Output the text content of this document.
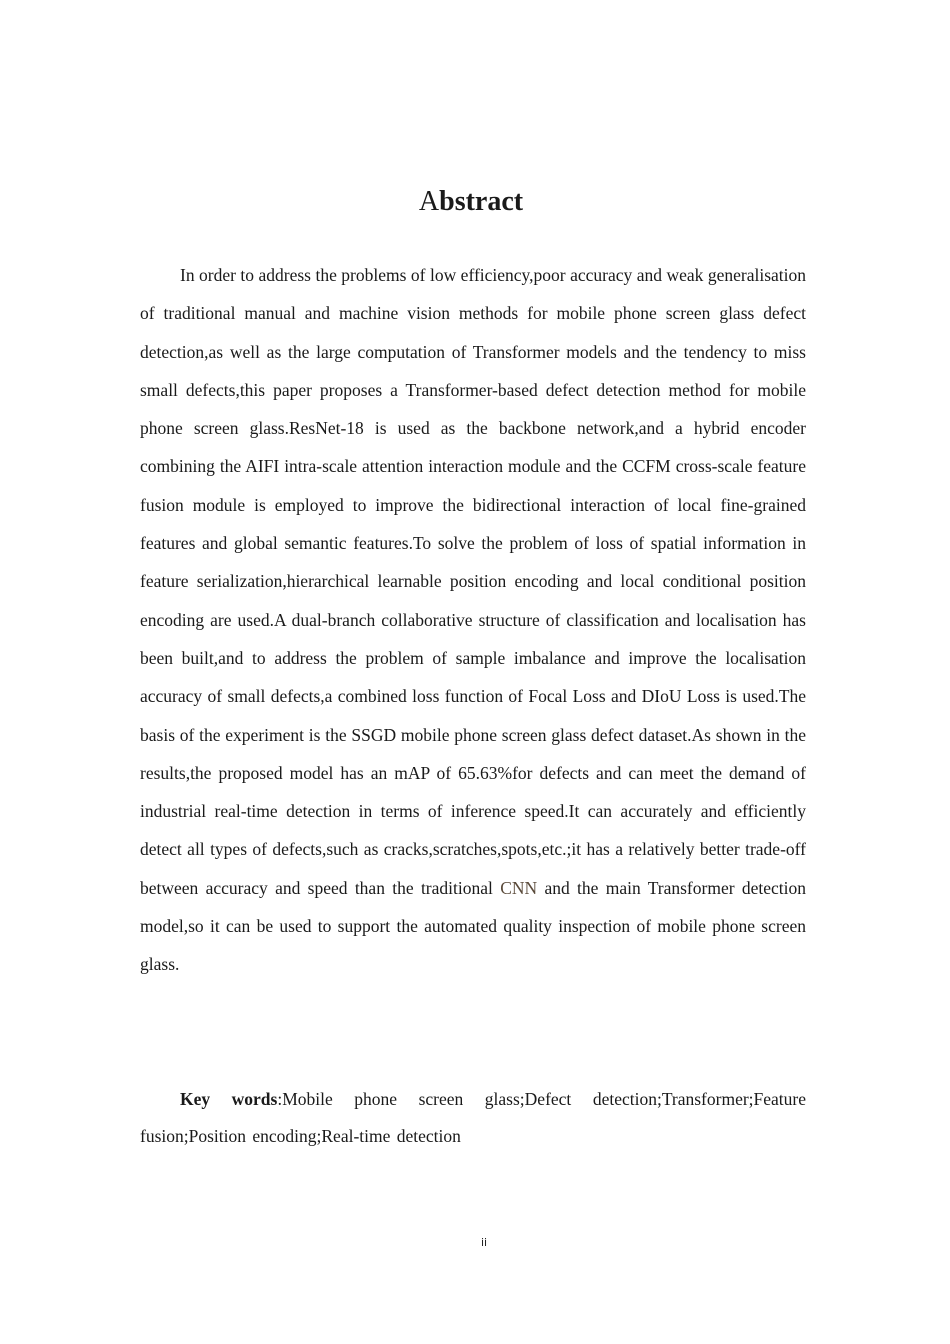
Abstract

In order to address the problems of low efficiency,poor accuracy and weak generalisation of traditional manual and machine vision methods for mobile phone screen glass defect detection,as well as the large computation of Transformer models and the tendency to miss small defects,this paper proposes a Transformer-based defect detection method for mobile phone screen glass.ResNet-18 is used as the backbone network,and a hybrid encoder combining the AIFI intra-scale attention interaction module and the CCFM cross-scale feature fusion module is employed to improve the bidirectional interaction of local fine-grained features and global semantic features.To solve the problem of loss of spatial information in feature serialization,hierarchical learnable position encoding and local conditional position encoding are used.A dual-branch collaborative structure of classification and localisation has been built,and to address the problem of sample imbalance and improve the localisation accuracy of small defects,a combined loss function of Focal Loss and DIoU Loss is used.The basis of the experiment is the SSGD mobile phone screen glass defect dataset.As shown in the results,the proposed model has an mAP of 65.63%for defects and can meet the demand of industrial real-time detection in terms of inference speed.It can accurately and efficiently detect all types of defects,such as cracks,scratches,spots,etc.;it has a relatively better trade-off between accuracy and speed than the traditional CNN and the main Transformer detection model,so it can be used to support the automated quality inspection of mobile phone screen glass.

Key words:Mobile phone screen glass;Defect detection;Transformer;Feature fusion;Position encoding;Real-time detection

ii
